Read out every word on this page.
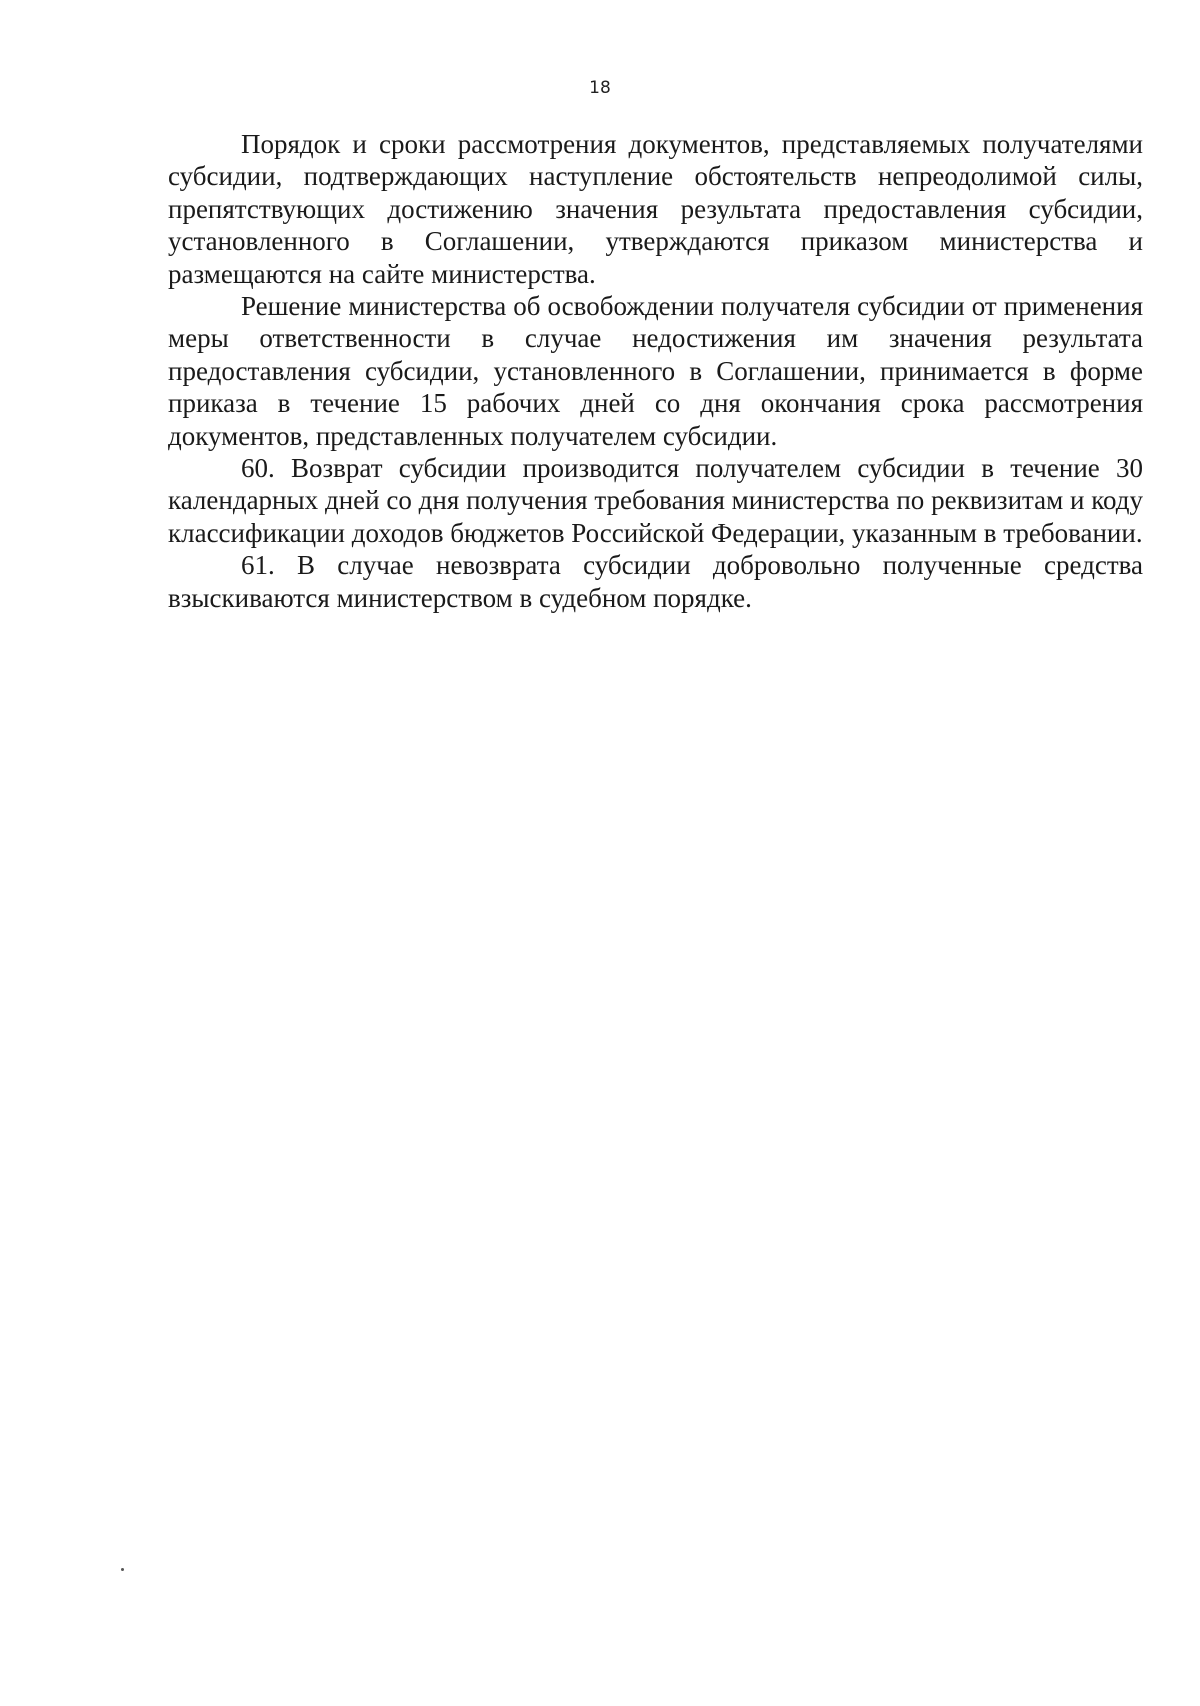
18

Порядок и сроки рассмотрения документов, представляемых получателями субсидии, подтверждающих наступление обстоятельств непреодолимой силы, препятствующих достижению значения результата предоставления субсидии, установленного в Соглашении, утверждаются приказом министерства и размещаются на сайте министерства.

Решение министерства об освобождении получателя субсидии от применения меры ответственности в случае недостижения им значения результата предоставления субсидии, установленного в Соглашении, принимается в форме приказа в течение 15 рабочих дней со дня окончания срока рассмотрения документов, представленных получателем субсидии.

60. Возврат субсидии производится получателем субсидии в течение 30 календарных дней со дня получения требования министерства по реквизитам и коду классификации доходов бюджетов Российской Федерации, указанным в требовании.

61. В случае невозврата субсидии добровольно полученные средства взыскиваются министерством в судебном порядке.
